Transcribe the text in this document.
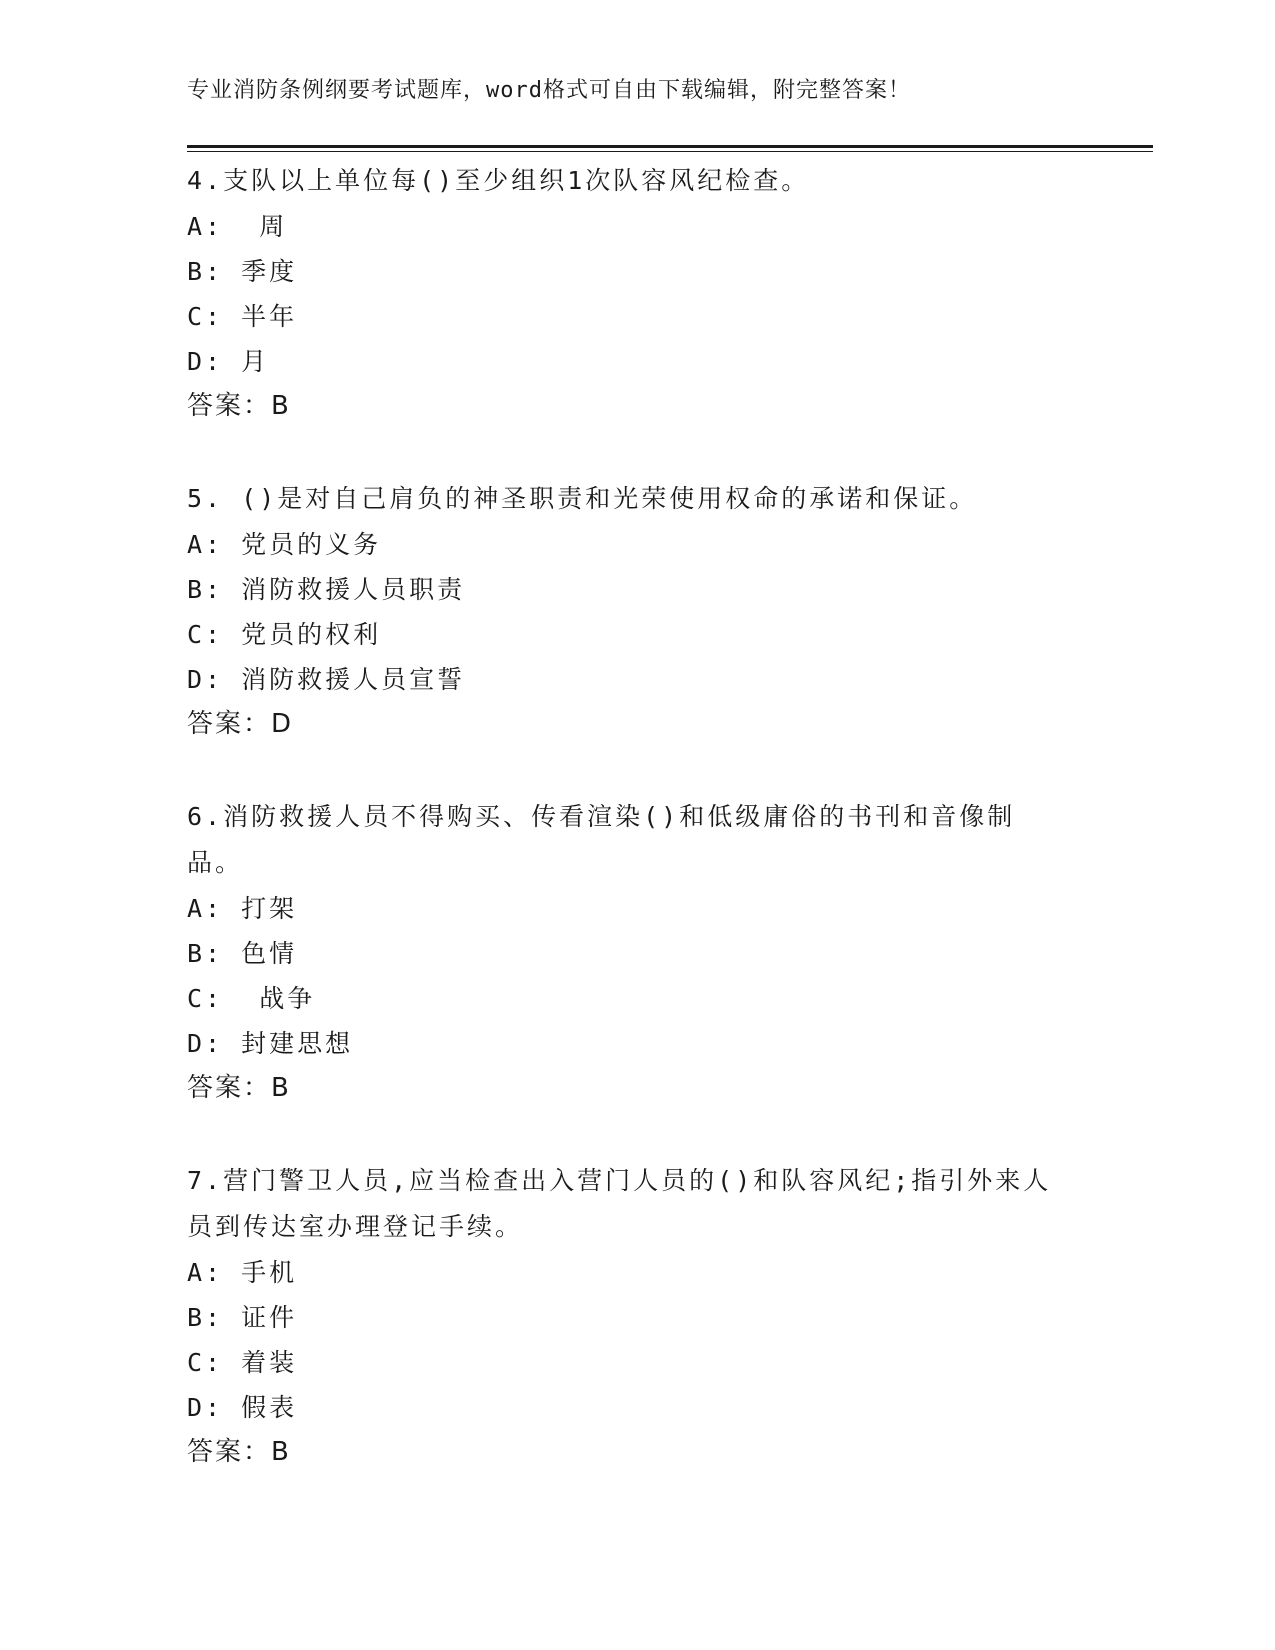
专业消防条例纲要考试题库，word格式可自由下载编辑，附完整答案！
4.支队以上单位每()至少组织1次队容风纪检查。
A:  周
B: 季度
C: 半年
D: 月
答案：B
5. ()是对自己肩负的神圣职责和光荣使用权命的承诺和保证。
A: 党员的义务
B: 消防救援人员职责
C: 党员的权利
D: 消防救援人员宣誓
答案：D
6.消防救援人员不得购买、传看渲染()和低级庸俗的书刊和音像制品。
A: 打架
B: 色情
C:  战争
D: 封建思想
答案：B
7.营门警卫人员,应当检查出入营门人员的()和队容风纪;指引外来人员到传达室办理登记手续。
A: 手机
B: 证件
C: 着装
D: 假表
答案：B
